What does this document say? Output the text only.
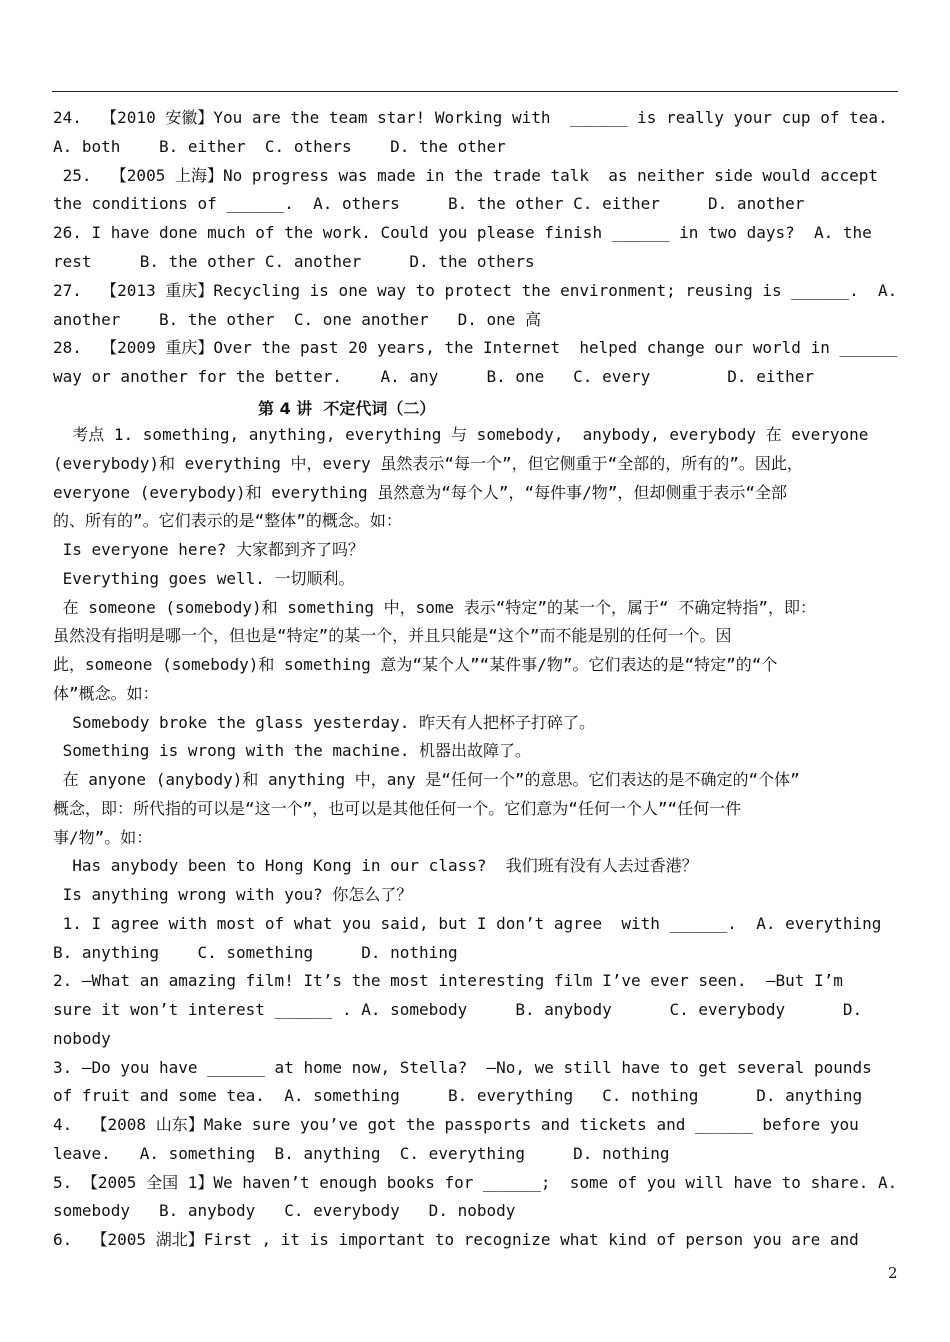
24.  【2010 安徽】You are the team star! Working with  ______ is really your cup of tea.
A. both    B. either  C. others    D. the other
25.  【2005 上海】No progress was made in the trade talk  as neither side would accept
the conditions of ______.  A. others     B. the other C. either     D. another
26. I have done much of the work. Could you please finish ______ in two days?  A. the
rest     B. the other C. another     D. the others
27.  【2013 重庆】Recycling is one way to protect the environment; reusing is ______.  A.
another    B. the other  C. one another   D. one 高
28.  【2009 重庆】Over the past 20 years, the Internet  helped change our world in ______
way or another for the better.    A. any     B. one   C. every        D. either
第 4 讲  不定代词（二）
考点 1. something, anything, everything 与 somebody,  anybody, everybody 在 everyone
(everybody)和 everything 中，every 虽然表示“每一个”，但它侧重于“全部的，所有的”。因此，
everyone (everybody)和 everything 虽然意为“每个人”，“每件事/物”，但却侧重于表示“全部
的、所有的”。它们表示的是“整体”的概念。如：
Is everyone here? 大家都到齐了吗？
Everything goes well. 一切顺利。
在 someone (somebody)和 something 中，some 表示“特定”的某一个，属于“ 不确定特指”，即：
虽然没有指明是哪一个，但也是“特定”的某一个，并且只能是“这个”而不能是别的任何一个。因
此，someone (somebody)和 something 意为“某个人”“某件事/物”。它们表达的是“特定”的“个
体”概念。如：
Somebody broke the glass yesterday. 昨天有人把杯子打碎了。
Something is wrong with the machine. 机器出故障了。
在 anyone (anybody)和 anything 中，any 是“任何一个”的意思。它们表达的是不确定的“个体”
概念，即：所代指的可以是“这一个”，也可以是其他任何一个。它们意为“任何一个人”“任何一件
事/物”。如：
Has anybody been to Hong Kong in our class?  我们班有没有人去过香港？
Is anything wrong with you? 你怎么了？
1. I agree with most of what you said, but I don’t agree  with ______.  A. everything
B. anything    C. something     D. nothing
2. —What an amazing film! It’s the most interesting film I’ve ever seen.  —But I’m
sure it won’t interest ______ . A. somebody     B. anybody      C. everybody      D.
nobody
3. —Do you have ______ at home now, Stella?  —No, we still have to get several pounds
of fruit and some tea.  A. something     B. everything   C. nothing      D. anything
4.  【2008 山东】Make sure you’ve got the passports and tickets and ______ before you
leave.   A. something  B. anything  C. everything     D. nothing
5. 【2005 全国 1】We haven’t enough books for ______;  some of you will have to share. A.
somebody   B. anybody   C. everybody   D. nobody
6.  【2005 湖北】First , it is important to recognize what kind of person you are and
2
